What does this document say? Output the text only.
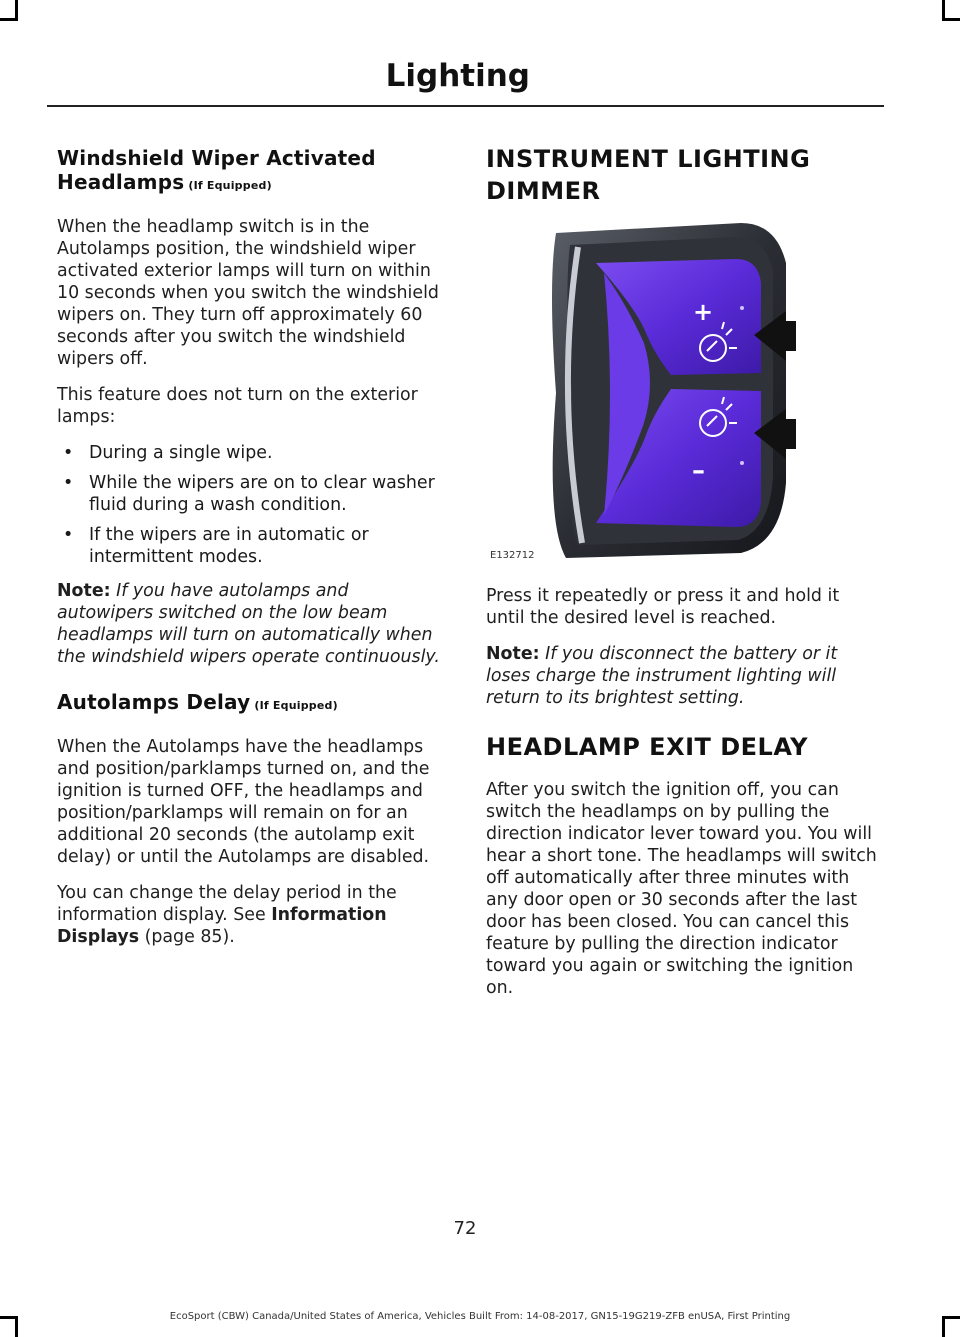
Lighting
Windshield Wiper Activated Headlamps (If Equipped)

When the headlamp switch is in the Autolamps position, the windshield wiper activated exterior lamps will turn on within 10 seconds when you switch the windshield wipers on. They turn off approximately 60 seconds after you switch the windshield wipers off.

This feature does not turn on the exterior lamps:

• During a single wipe.
• While the wipers are on to clear washer fluid during a wash condition.
• If the wipers are in automatic or intermittent modes.

Note: If you have autolamps and autowipers switched on the low beam headlamps will turn on automatically when the windshield wipers operate continuously.

Autolamps Delay (If Equipped)

When the Autolamps have the headlamps and position/parklamps turned on, and the ignition is turned OFF, the headlamps and position/parklamps will remain on for an additional 20 seconds (the autolamp exit delay) or until the Autolamps are disabled.

You can change the delay period in the information display. See Information Displays (page 85).

INSTRUMENT LIGHTING DIMMER
+
–
E132712

Press it repeatedly or press it and hold it until the desired level is reached.

Note: If you disconnect the battery or it loses charge the instrument lighting will return to its brightest setting.

HEADLAMP EXIT DELAY

After you switch the ignition off, you can switch the headlamps on by pulling the direction indicator lever toward you. You will hear a short tone. The headlamps will switch off automatically after three minutes with any door open or 30 seconds after the last door has been closed. You can cancel this feature by pulling the direction indicator toward you again or switching the ignition on.

72
EcoSport (CBW) Canada/United States of America, Vehicles Built From: 14-08-2017, GN15-19G219-ZFB enUSA, First Printing
